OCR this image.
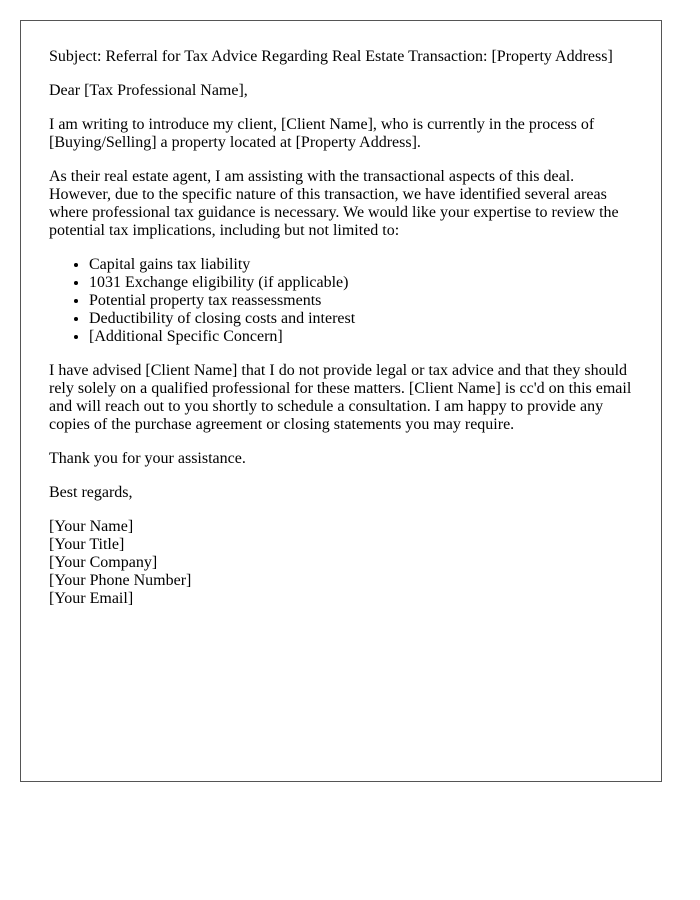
Subject: Referral for Tax Advice Regarding Real Estate Transaction: [Property Address]

Dear [Tax Professional Name],

I am writing to introduce my client, [Client Name], who is currently in the process of [Buying/Selling] a property located at [Property Address].

As their real estate agent, I am assisting with the transactional aspects of this deal. However, due to the specific nature of this transaction, we have identified several areas where professional tax guidance is necessary. We would like your expertise to review the potential tax implications, including but not limited to:

• Capital gains tax liability
• 1031 Exchange eligibility (if applicable)
• Potential property tax reassessments
• Deductibility of closing costs and interest
• [Additional Specific Concern]

I have advised [Client Name] that I do not provide legal or tax advice and that they should rely solely on a qualified professional for these matters. [Client Name] is cc'd on this email and will reach out to you shortly to schedule a consultation. I am happy to provide any copies of the purchase agreement or closing statements you may require.

Thank you for your assistance.

Best regards,

[Your Name]
[Your Title]
[Your Company]
[Your Phone Number]
[Your Email]
